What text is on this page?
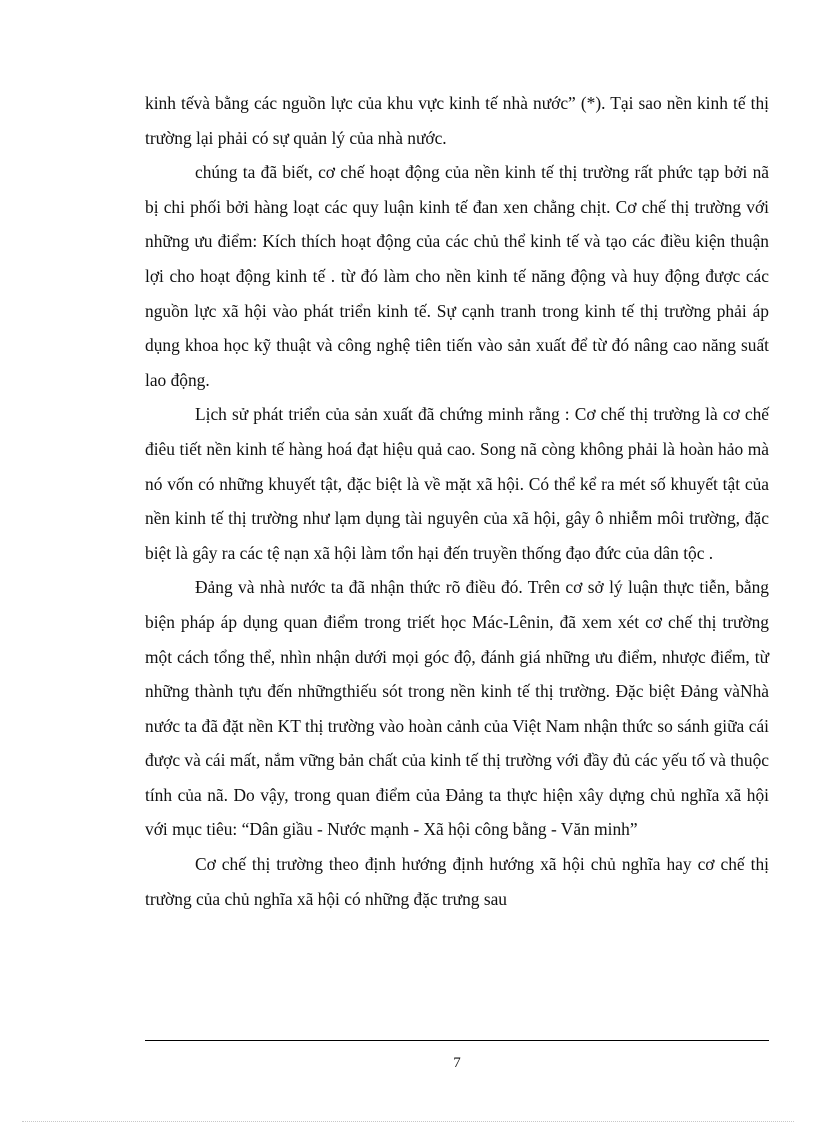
kinh tếvà bằng các nguồn lực của khu vực kinh tế nhà nước” (*). Tại sao nền kinh tế thị trường lại phải có sự quản lý của nhà nước.

chúng ta đã biết, cơ chế hoạt động của nền kinh tế thị trường rất phức tạp bởi nã bị chi phối bởi hàng loạt các quy luận kinh tế đan xen chằng chịt. Cơ chế thị trường với những ưu điểm: Kích thích hoạt động của các chủ thể kinh tế và tạo các điều kiện thuận lợi cho hoạt động kinh tế . từ đó làm cho nền kinh tế năng động và huy động được các nguồn lực xã hội vào phát triển kinh tế. Sự cạnh tranh trong kinh tế thị trường phải áp dụng khoa học kỹ thuật và công nghệ tiên tiến vào sản xuất để từ đó nâng cao năng suất lao động.

Lịch sử phát triển của sản xuất đã chứng minh rằng : Cơ chế thị trường là cơ chế điêu tiết nền kinh tế hàng hoá đạt hiệu quả cao. Song nã còng không phải là hoàn hảo mà nó vốn có những khuyết tật, đặc biệt là về mặt xã hội. Có thể kể ra mét số khuyết tật của nền kinh tế thị trường như lạm dụng tài nguyên của xã hội, gây ô nhiễm môi trường, đặc biệt là gây ra các tệ nạn xã hội làm tổn hại đến truyền thống đạo đức của dân tộc .

Đảng và nhà nước ta đã nhận thức rõ điều đó. Trên cơ sở lý luận thực tiễn, bằng biện pháp áp dụng quan điểm trong triết học Mác-Lênin, đã xem xét cơ chế thị trường một cách tổng thể, nhìn nhận dưới mọi góc độ, đánh giá những ưu điểm, nhược điểm, từ những thành tựu đến nhữngthiếu sót trong nền kinh tế thị trường. Đặc biệt Đảng vàNhà nước ta đã đặt nền KT thị trường vào hoàn cảnh của Việt Nam nhận thức so sánh giữa cái được và cái mất, nắm vững bản chất của kinh tế thị trường với đầy đủ các yếu tố và thuộc tính của nã. Do vậy, trong quan điểm của Đảng ta thực hiện xây dựng chủ nghĩa xã hội với mục tiêu: “Dân giầu - Nước mạnh - Xã hội công bằng - Văn minh”

Cơ chế thị trường theo định hướng định hướng xã hội chủ nghĩa hay cơ chế thị trường của chủ nghĩa xã hội có những đặc trưng sau

7
